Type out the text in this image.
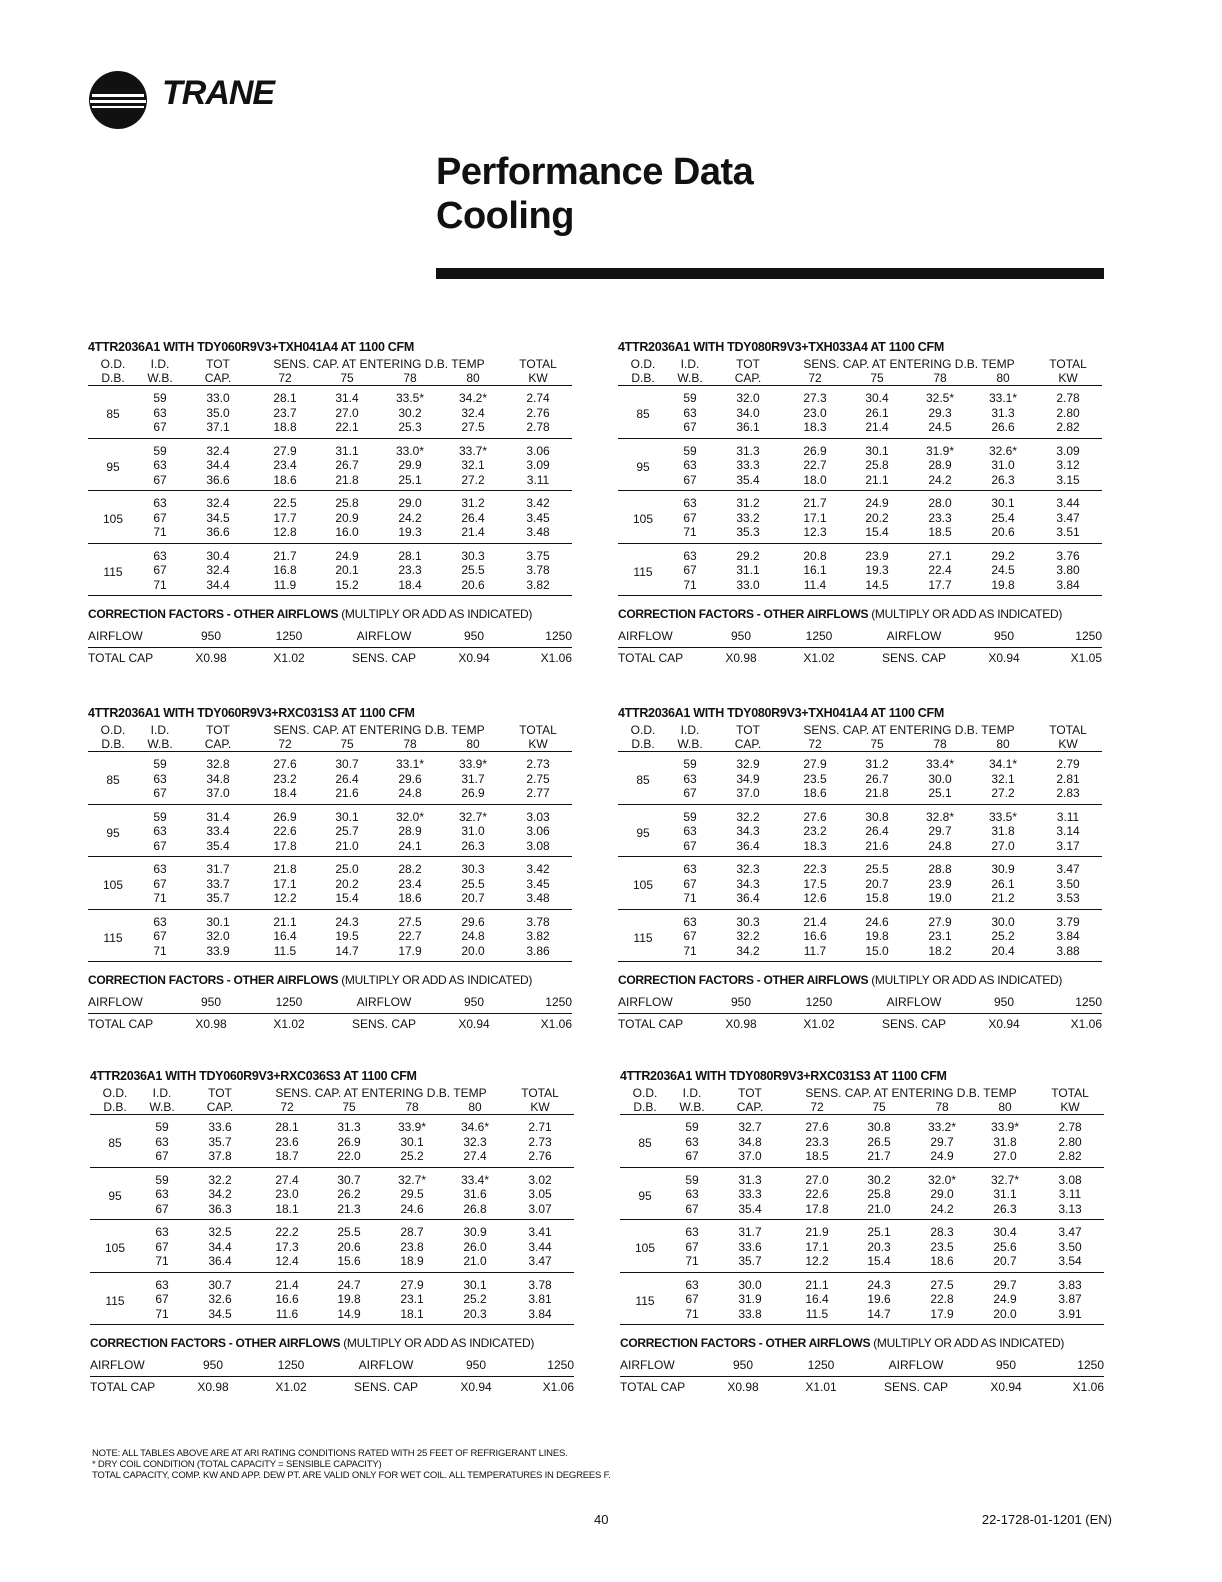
TRANE
Performance Data
Cooling
4TTR2036A1 WITH TDY060R9V3+TXH041A4 AT 1100 CFM
O.D.	I.D.	TOT	SENS. CAP. AT ENTERING D.B. TEMP				TOTAL
D.B.	W.B.	CAP.	72	75	78	80	KW
85	59	33.0	28.1	31.4	33.5*	34.2*	2.74
	63	35.0	23.7	27.0	30.2	32.4	2.76
	67	37.1	18.8	22.1	25.3	27.5	2.78
95	59	32.4	27.9	31.1	33.0*	33.7*	3.06
	63	34.4	23.4	26.7	29.9	32.1	3.09
	67	36.6	18.6	21.8	25.1	27.2	3.11
105	63	32.4	22.5	25.8	29.0	31.2	3.42
	67	34.5	17.7	20.9	24.2	26.4	3.45
	71	36.6	12.8	16.0	19.3	21.4	3.48
115	63	30.4	21.7	24.9	28.1	30.3	3.75
	67	32.4	16.8	20.1	23.3	25.5	3.78
	71	34.4	11.9	15.2	18.4	20.6	3.82
CORRECTION FACTORS - OTHER AIRFLOWS (MULTIPLY OR ADD AS INDICATED)
AIRFLOW	950	1250	AIRFLOW	950	1250
TOTAL CAP	X0.98	X1.02	SENS. CAP	X0.94	X1.06
4TTR2036A1 WITH TDY080R9V3+TXH033A4 AT 1100 CFM
O.D.	I.D.	TOT	SENS. CAP. AT ENTERING D.B. TEMP				TOTAL
D.B.	W.B.	CAP.	72	75	78	80	KW
85	59	32.0	27.3	30.4	32.5*	33.1*	2.78
	63	34.0	23.0	26.1	29.3	31.3	2.80
	67	36.1	18.3	21.4	24.5	26.6	2.82
95	59	31.3	26.9	30.1	31.9*	32.6*	3.09
	63	33.3	22.7	25.8	28.9	31.0	3.12
	67	35.4	18.0	21.1	24.2	26.3	3.15
105	63	31.2	21.7	24.9	28.0	30.1	3.44
	67	33.2	17.1	20.2	23.3	25.4	3.47
	71	35.3	12.3	15.4	18.5	20.6	3.51
115	63	29.2	20.8	23.9	27.1	29.2	3.76
	67	31.1	16.1	19.3	22.4	24.5	3.80
	71	33.0	11.4	14.5	17.7	19.8	3.84
CORRECTION FACTORS - OTHER AIRFLOWS (MULTIPLY OR ADD AS INDICATED)
AIRFLOW	950	1250	AIRFLOW	950	1250
TOTAL CAP	X0.98	X1.02	SENS. CAP	X0.94	X1.05
4TTR2036A1 WITH TDY060R9V3+RXC031S3 AT 1100 CFM
O.D.	I.D.	TOT	SENS. CAP. AT ENTERING D.B. TEMP				TOTAL
D.B.	W.B.	CAP.	72	75	78	80	KW
85	59	32.8	27.6	30.7	33.1*	33.9*	2.73
	63	34.8	23.2	26.4	29.6	31.7	2.75
	67	37.0	18.4	21.6	24.8	26.9	2.77
95	59	31.4	26.9	30.1	32.0*	32.7*	3.03
	63	33.4	22.6	25.7	28.9	31.0	3.06
	67	35.4	17.8	21.0	24.1	26.3	3.08
105	63	31.7	21.8	25.0	28.2	30.3	3.42
	67	33.7	17.1	20.2	23.4	25.5	3.45
	71	35.7	12.2	15.4	18.6	20.7	3.48
115	63	30.1	21.1	24.3	27.5	29.6	3.78
	67	32.0	16.4	19.5	22.7	24.8	3.82
	71	33.9	11.5	14.7	17.9	20.0	3.86
CORRECTION FACTORS - OTHER AIRFLOWS (MULTIPLY OR ADD AS INDICATED)
AIRFLOW	950	1250	AIRFLOW	950	1250
TOTAL CAP	X0.98	X1.02	SENS. CAP	X0.94	X1.06
4TTR2036A1 WITH TDY080R9V3+TXH041A4 AT 1100 CFM
O.D.	I.D.	TOT	SENS. CAP. AT ENTERING D.B. TEMP				TOTAL
D.B.	W.B.	CAP.	72	75	78	80	KW
85	59	32.9	27.9	31.2	33.4*	34.1*	2.79
	63	34.9	23.5	26.7	30.0	32.1	2.81
	67	37.0	18.6	21.8	25.1	27.2	2.83
95	59	32.2	27.6	30.8	32.8*	33.5*	3.11
	63	34.3	23.2	26.4	29.7	31.8	3.14
	67	36.4	18.3	21.6	24.8	27.0	3.17
105	63	32.3	22.3	25.5	28.8	30.9	3.47
	67	34.3	17.5	20.7	23.9	26.1	3.50
	71	36.4	12.6	15.8	19.0	21.2	3.53
115	63	30.3	21.4	24.6	27.9	30.0	3.79
	67	32.2	16.6	19.8	23.1	25.2	3.84
	71	34.2	11.7	15.0	18.2	20.4	3.88
CORRECTION FACTORS - OTHER AIRFLOWS (MULTIPLY OR ADD AS INDICATED)
AIRFLOW	950	1250	AIRFLOW	950	1250
TOTAL CAP	X0.98	X1.02	SENS. CAP	X0.94	X1.06
4TTR2036A1 WITH TDY060R9V3+RXC036S3 AT 1100 CFM
O.D.	I.D.	TOT	SENS. CAP. AT ENTERING D.B. TEMP				TOTAL
D.B.	W.B.	CAP.	72	75	78	80	KW
85	59	33.6	28.1	31.3	33.9*	34.6*	2.71
	63	35.7	23.6	26.9	30.1	32.3	2.73
	67	37.8	18.7	22.0	25.2	27.4	2.76
95	59	32.2	27.4	30.7	32.7*	33.4*	3.02
	63	34.2	23.0	26.2	29.5	31.6	3.05
	67	36.3	18.1	21.3	24.6	26.8	3.07
105	63	32.5	22.2	25.5	28.7	30.9	3.41
	67	34.4	17.3	20.6	23.8	26.0	3.44
	71	36.4	12.4	15.6	18.9	21.0	3.47
115	63	30.7	21.4	24.7	27.9	30.1	3.78
	67	32.6	16.6	19.8	23.1	25.2	3.81
	71	34.5	11.6	14.9	18.1	20.3	3.84
CORRECTION FACTORS - OTHER AIRFLOWS (MULTIPLY OR ADD AS INDICATED)
AIRFLOW	950	1250	AIRFLOW	950	1250
TOTAL CAP	X0.98	X1.02	SENS. CAP	X0.94	X1.06
4TTR2036A1 WITH TDY080R9V3+RXC031S3 AT 1100 CFM
O.D.	I.D.	TOT	SENS. CAP. AT ENTERING D.B. TEMP				TOTAL
D.B.	W.B.	CAP.	72	75	78	80	KW
85	59	32.7	27.6	30.8	33.2*	33.9*	2.78
	63	34.8	23.3	26.5	29.7	31.8	2.80
	67	37.0	18.5	21.7	24.9	27.0	2.82
95	59	31.3	27.0	30.2	32.0*	32.7*	3.08
	63	33.3	22.6	25.8	29.0	31.1	3.11
	67	35.4	17.8	21.0	24.2	26.3	3.13
105	63	31.7	21.9	25.1	28.3	30.4	3.47
	67	33.6	17.1	20.3	23.5	25.6	3.50
	71	35.7	12.2	15.4	18.6	20.7	3.54
115	63	30.0	21.1	24.3	27.5	29.7	3.83
	67	31.9	16.4	19.6	22.8	24.9	3.87
	71	33.8	11.5	14.7	17.9	20.0	3.91
CORRECTION FACTORS - OTHER AIRFLOWS (MULTIPLY OR ADD AS INDICATED)
AIRFLOW	950	1250	AIRFLOW	950	1250
TOTAL CAP	X0.98	X1.01	SENS. CAP	X0.94	X1.06
NOTE: ALL TABLES ABOVE ARE AT ARI RATING CONDITIONS RATED WITH 25 FEET OF REFRIGERANT LINES.
* DRY COIL CONDITION (TOTAL CAPACITY = SENSIBLE CAPACITY)
TOTAL CAPACITY, COMP. KW AND APP. DEW PT. ARE VALID ONLY FOR WET COIL. ALL TEMPERATURES IN DEGREES F.
40	22-1728-01-1201 (EN)
